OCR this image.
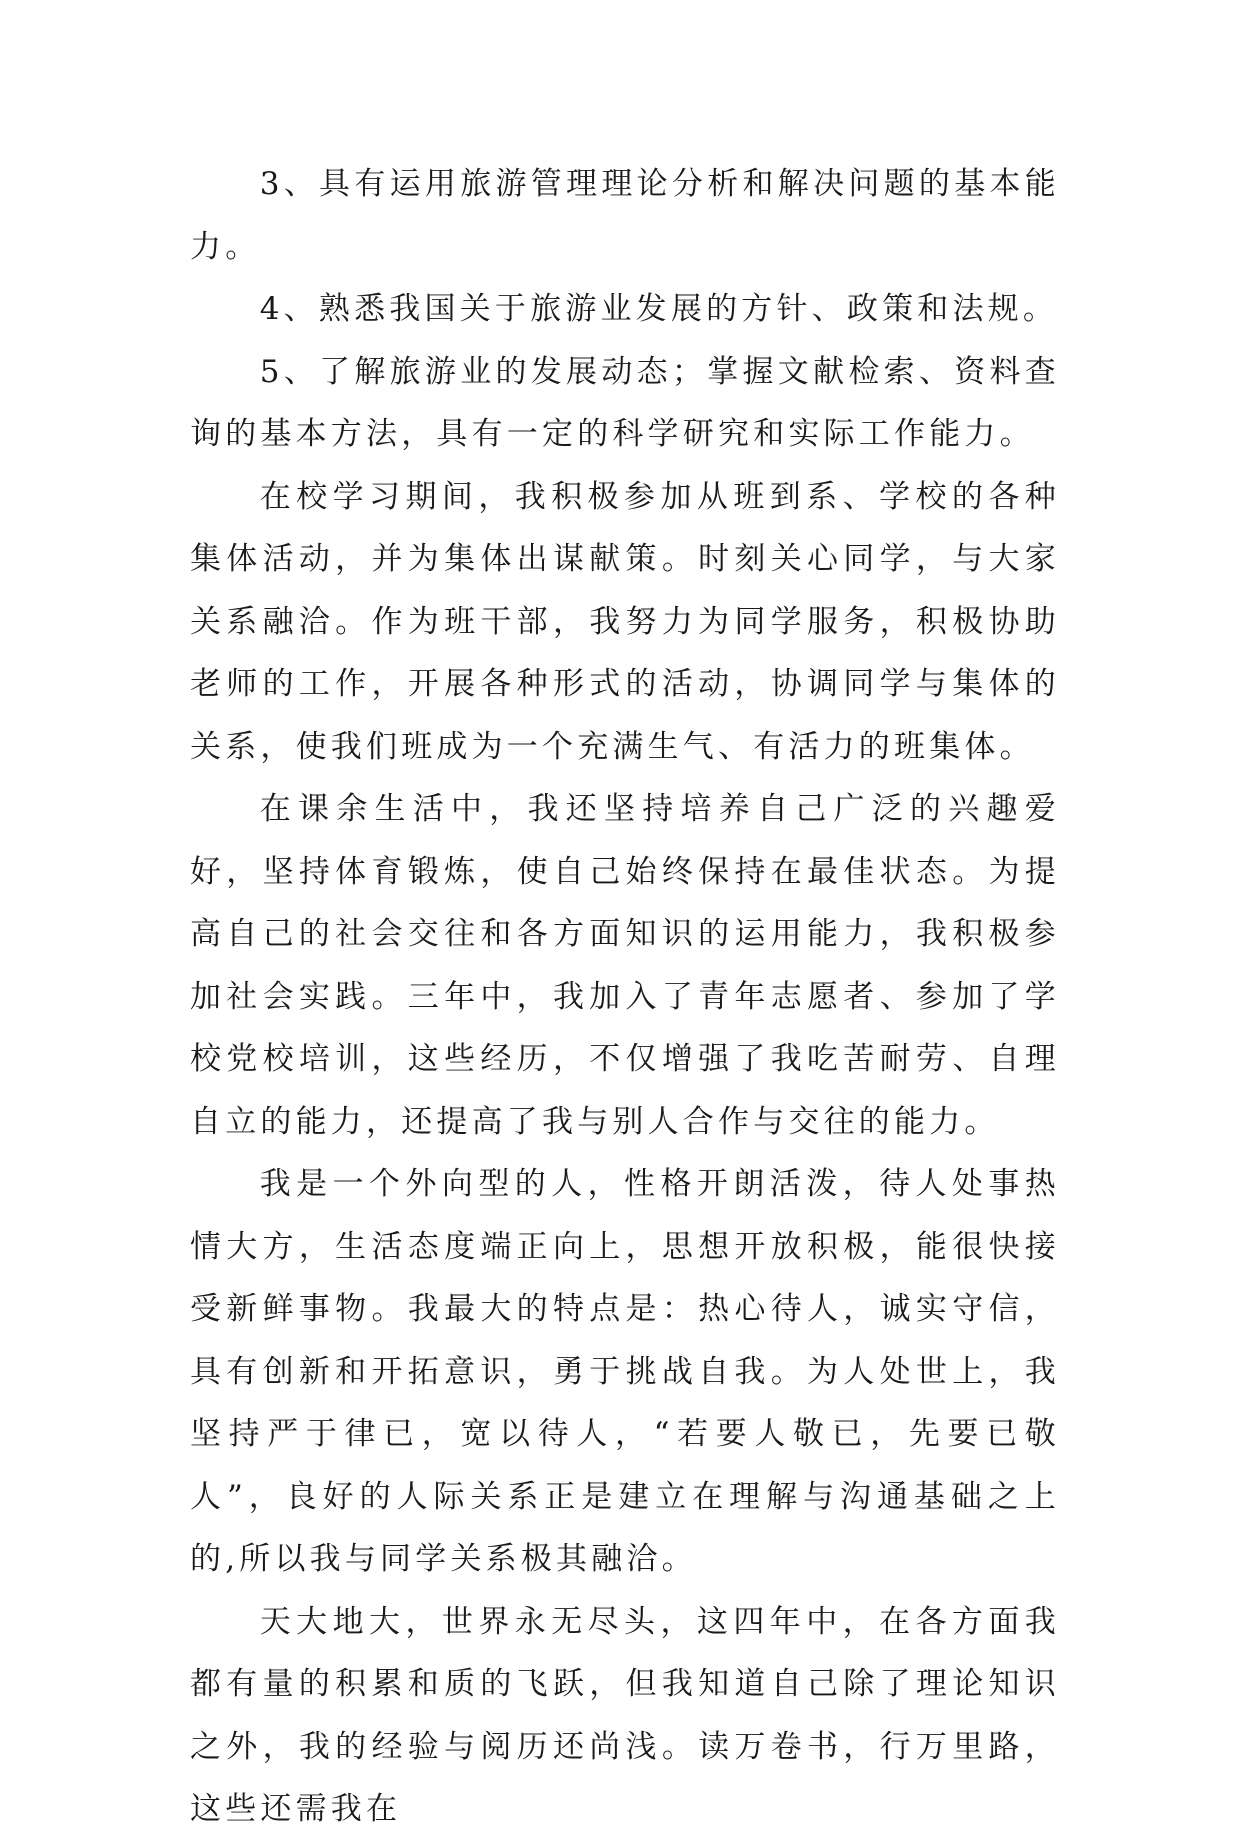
3、具有运用旅游管理理论分析和解决问题的基本能力。

4、熟悉我国关于旅游业发展的方针、政策和法规。

5、了解旅游业的发展动态；掌握文献检索、资料查询的基本方法，具有一定的科学研究和实际工作能力。

在校学习期间，我积极参加从班到系、学校的各种集体活动，并为集体出谋献策。时刻关心同学，与大家关系融洽。作为班干部，我努力为同学服务，积极协助老师的工作，开展各种形式的活动，协调同学与集体的关系，使我们班成为一个充满生气、有活力的班集体。

在课余生活中，我还坚持培养自己广泛的兴趣爱好，坚持体育锻炼，使自己始终保持在最佳状态。为提高自己的社会交往和各方面知识的运用能力，我积极参加社会实践。三年中，我加入了青年志愿者、参加了学校党校培训，这些经历，不仅增强了我吃苦耐劳、自理自立的能力，还提高了我与别人合作与交往的能力。

我是一个外向型的人，性格开朗活泼，待人处事热情大方，生活态度端正向上，思想开放积极，能很快接受新鲜事物。我最大的特点是：热心待人，诚实守信，具有创新和开拓意识，勇于挑战自我。为人处世上，我坚持严于律已，宽以待人，“若要人敬已，先要已敬人”，良好的人际关系正是建立在理解与沟通基础之上的,所以我与同学关系极其融洽。

天大地大，世界永无尽头，这四年中，在各方面我都有量的积累和质的飞跃，但我知道自己除了理论知识之外，我的经验与阅历还尚浅。读万卷书，行万里路，这些还需我在
